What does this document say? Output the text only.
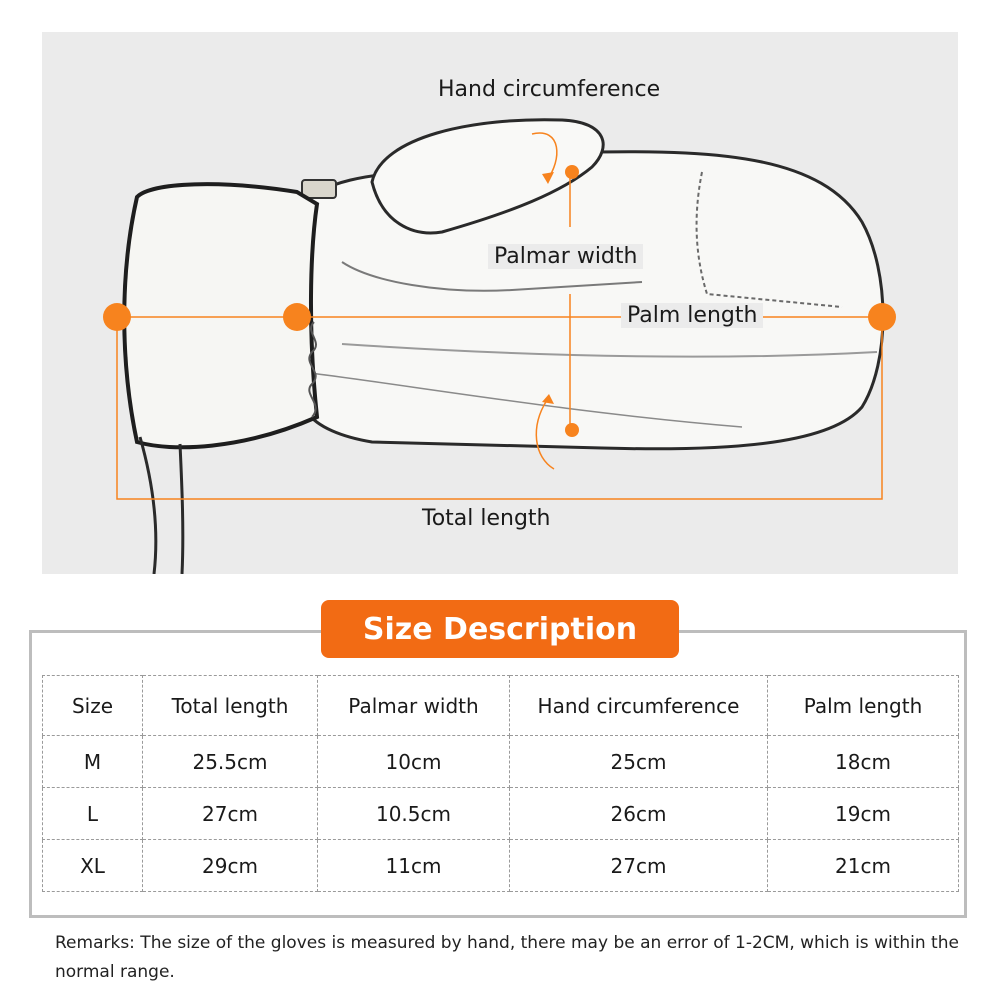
Hand circumference
Palmar width
Palm length
Total length
Size Description
Size	Total length	Palmar width	Hand circumference	Palm length
M	25.5cm	10cm	25cm	18cm
L	27cm	10.5cm	26cm	19cm
XL	29cm	11cm	27cm	21cm
Remarks: The size of the gloves is measured by hand, there may be an error of 1-2CM, which is within the normal range.
